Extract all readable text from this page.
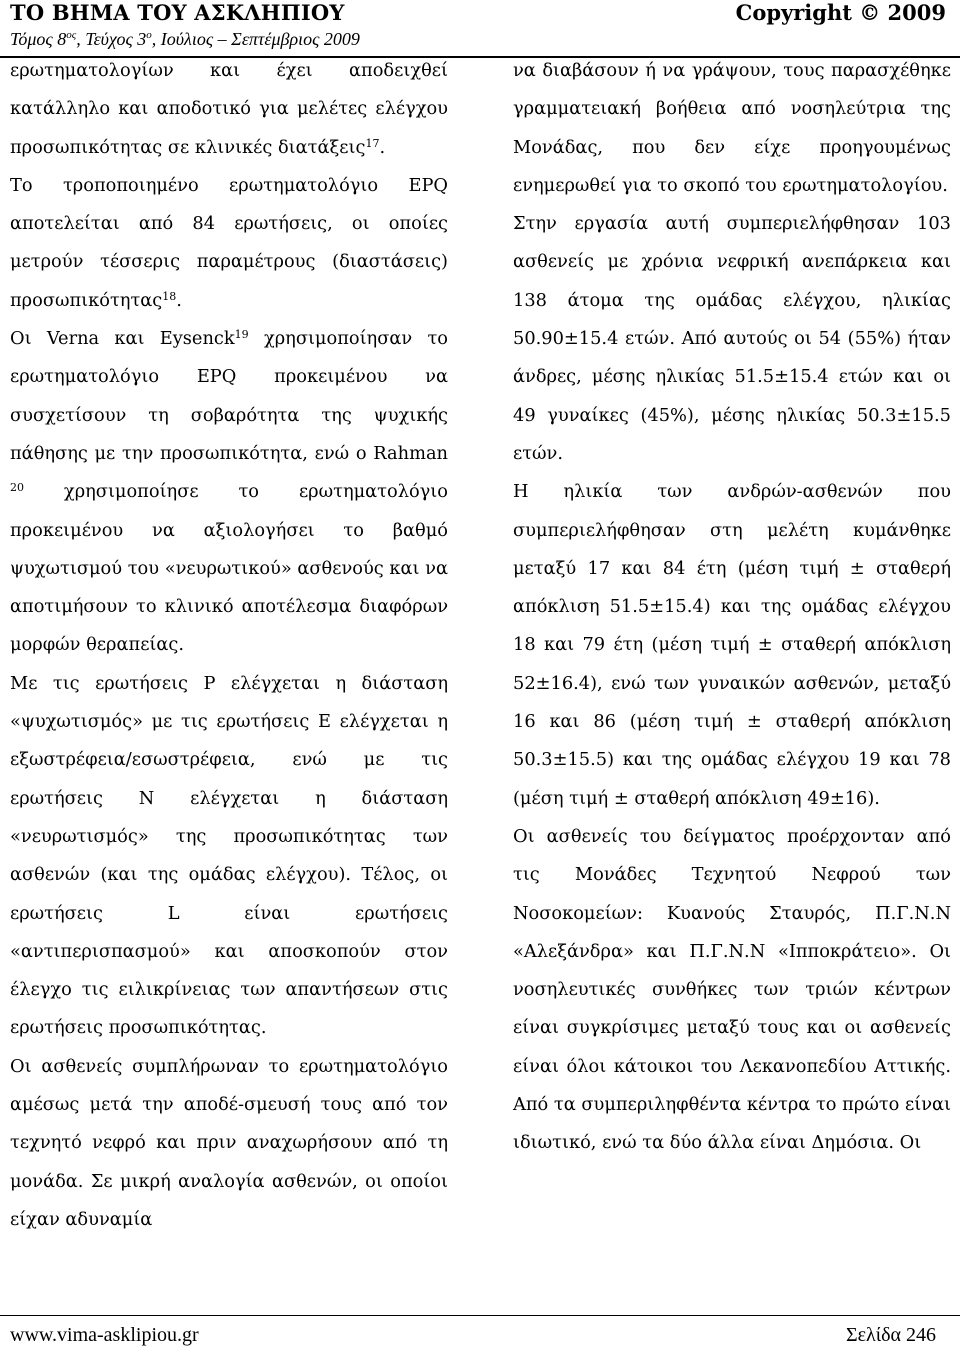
ΤΟ ΒΗΜΑ ΤΟΥ ΑΣΚΛΗΠΙΟΥ	Copyright © 2009
Τόμος $8^{o\varsigma}$, Τεύχος $3^o$, Ιούλιος – Σεπτέμβριος 2009

ερωτηματολογίων και έχει αποδειχθεί κατάλληλο και αποδοτικό για μελέτες ελέγχου προσωπικότητας σε κλινικές διατάξεις$^{17}$.

Το τροποποιημένο ερωτηματολόγιο EPQ αποτελείται από 84 ερωτήσεις, οι οποίες μετρούν τέσσερις παραμέτρους (διαστάσεις) προσωπικότητας$^{18}$.

Οι Verna και Eysenck$^{19}$ χρησιμοποίησαν το ερωτηματολόγιο EPQ προκειμένου να συσχετίσουν τη σοβαρότητα της ψυχικής πάθησης με την προσωπικότητα, ενώ ο Rahman $^{20}$ χρησιμοποίησε το ερωτηματολόγιο προκειμένου να αξιολογήσει το βαθμό ψυχωτισμού του «νευρωτικού» ασθενούς και να αποτιμήσουν το κλινικό αποτέλεσμα διαφόρων μορφών θεραπείας.

Με τις ερωτήσεις P ελέγχεται η διάσταση «ψυχωτισμός» με τις ερωτήσεις E ελέγχεται η εξωστρέφεια/εσωστρέφεια, ενώ με τις ερωτήσεις Ν ελέγχεται η διάσταση «νευρωτισμός» της προσωπικότητας των ασθενών (και της ομάδας ελέγχου). Τέλος, οι ερωτήσεις L είναι ερωτήσεις «αντιπερισπασμού» και αποσκοπούν στον έλεγχο τις ειλικρίνειας των απαντήσεων στις ερωτήσεις προσωπικότητας.

Οι ασθενείς συμπλήρωναν το ερωτηματολόγιο αμέσως μετά την αποδέ-σμευσή τους από τον τεχνητό νεφρό και πριν αναχωρήσουν από τη μονάδα. Σε μικρή αναλογία ασθενών, οι οποίοι είχαν αδυναμία

να διαβάσουν ή να γράψουν, τους παρασχέθηκε γραμματειακή βοήθεια από νοσηλεύτρια της Μονάδας, που δεν είχε προηγουμένως ενημερωθεί για το σκοπό του ερωτηματολογίου.

Στην εργασία αυτή συμπεριελήφθησαν 103 ασθενείς με χρόνια νεφρική ανεπάρκεια και 138 άτομα της ομάδας ελέγχου, ηλικίας 50.90±15.4 ετών. Από αυτούς οι 54 (55%) ήταν άνδρες, μέσης ηλικίας 51.5±15.4 ετών και οι 49 γυναίκες (45%), μέσης ηλικίας 50.3±15.5 ετών.

Η ηλικία των ανδρών-ασθενών που συμπεριελήφθησαν στη μελέτη κυμάνθηκε μεταξύ 17 και 84 έτη (μέση τιμή ± σταθερή απόκλιση 51.5±15.4) και της ομάδας ελέγχου 18 και 79 έτη (μέση τιμή ± σταθερή απόκλιση 52±16.4), ενώ των γυναικών ασθενών, μεταξύ 16 και 86 (μέση τιμή ± σταθερή απόκλιση 50.3±15.5) και της ομάδας ελέγχου 19 και 78 (μέση τιμή ± σταθερή απόκλιση 49±16).

Οι ασθενείς του δείγματος προέρχονταν από τις Μονάδες Τεχνητού Νεφρού των Νοσοκομείων: Κυανούς Σταυρός, Π.Γ.Ν.Ν «Αλεξάνδρα» και Π.Γ.Ν.Ν «Ιπποκράτειο». Οι νοσηλευτικές συνθήκες των τριών κέντρων είναι συγκρίσιμες μεταξύ τους και οι ασθενείς είναι όλοι κάτοικοι του Λεκανοπεδίου Αττικής. Από τα συμπεριληφθέντα κέντρα το πρώτο είναι ιδιωτικό, ενώ τα δύο άλλα είναι Δημόσια. Οι

www.vima-asklipiou.gr	Σελίδα 246
